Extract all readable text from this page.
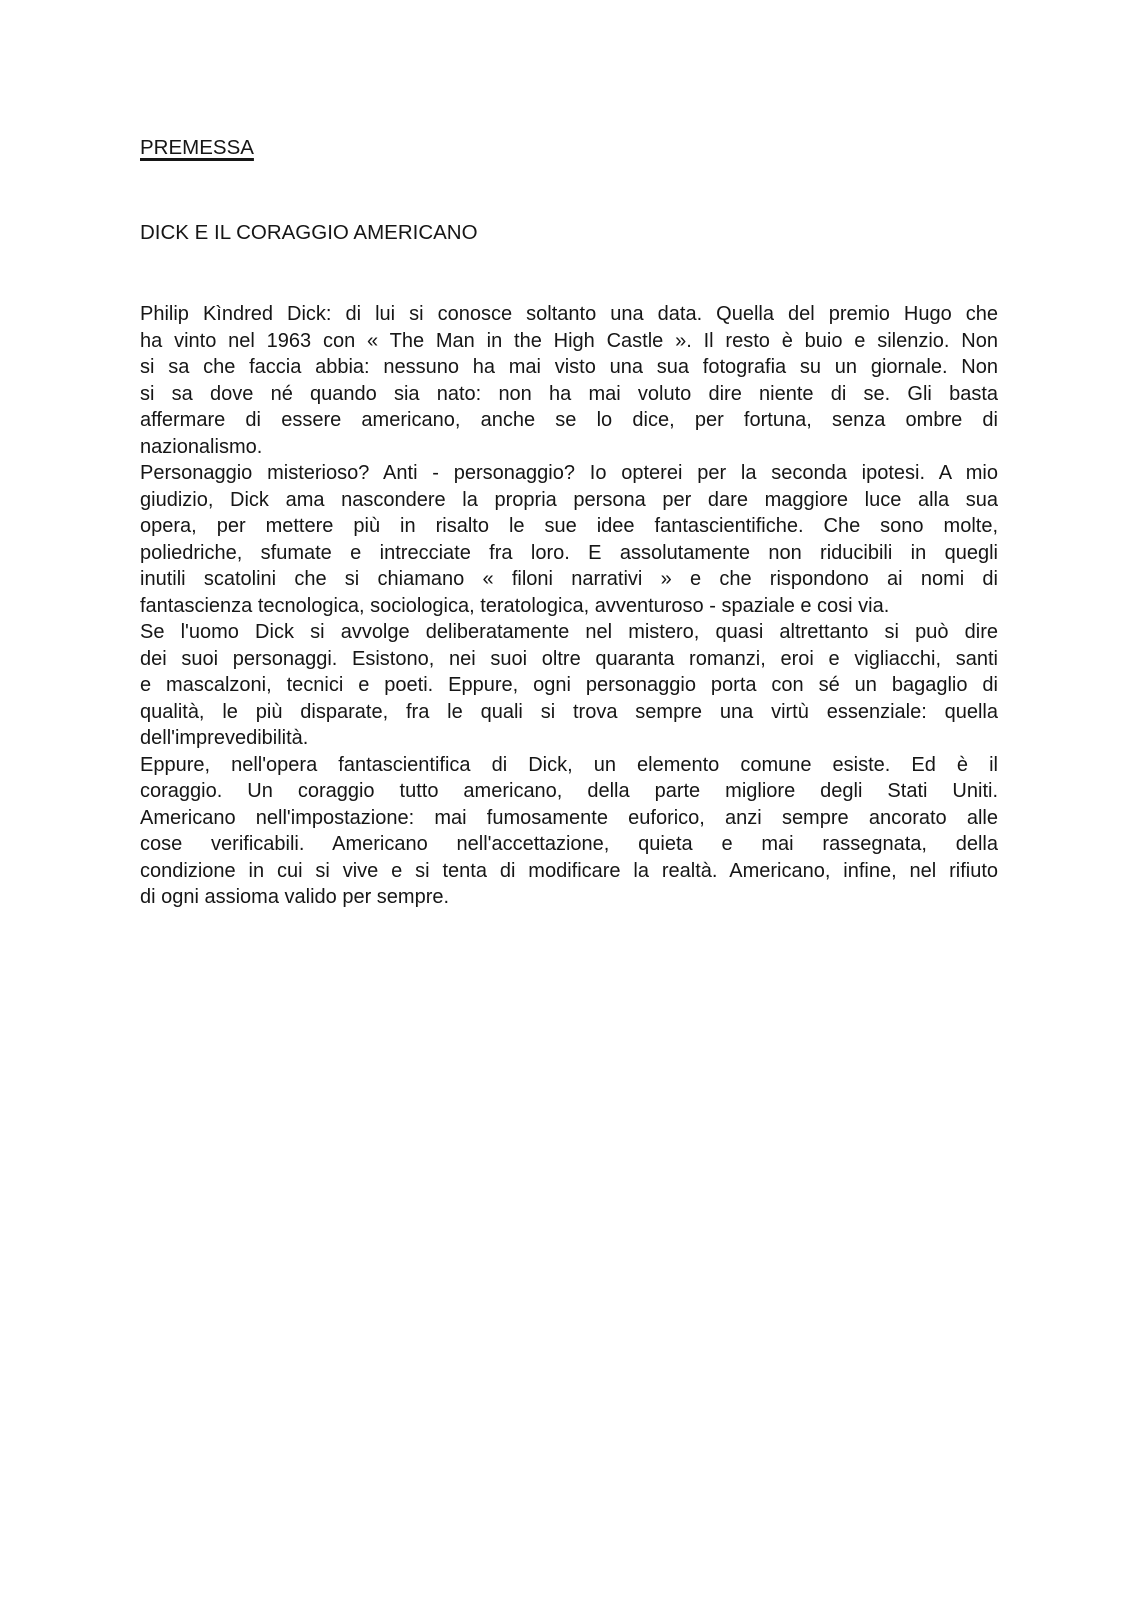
PREMESSA
DICK E IL CORAGGIO AMERICANO
Philip Kìndred Dick: di lui si conosce soltanto una data. Quella del premio Hugo che
ha vinto nel 1963 con « The Man in the High Castle ». Il resto è buio e silenzio. Non
si sa che faccia abbia: nessuno ha mai visto una sua fotografia su un giornale. Non
si sa dove né quando sia nato: non ha mai voluto dire niente di se. Gli basta
affermare di essere americano, anche se lo dice, per fortuna, senza ombre di
nazionalismo.
Personaggio misterioso? Anti - personaggio? Io opterei per la seconda ipotesi. A mio
giudizio, Dick ama nascondere la propria persona per dare maggiore luce alla sua
opera, per mettere più in risalto le sue idee fantascientifiche. Che sono molte,
poliedriche, sfumate e intrecciate fra loro. E assolutamente non riducibili in quegli
inutili scatolini che si chiamano « filoni narrativi » e che rispondono ai nomi di
fantascienza tecnologica, sociologica, teratologica, avventuroso - spaziale e cosi via.
Se l'uomo Dick si avvolge deliberatamente nel mistero, quasi altrettanto si può dire
dei suoi personaggi. Esistono, nei suoi oltre quaranta romanzi, eroi e vigliacchi, santi
e mascalzoni, tecnici e poeti. Eppure, ogni personaggio porta con sé un bagaglio di
qualità, le più disparate, fra le quali si trova sempre una virtù essenziale: quella
dell'imprevedibilità.
Eppure, nell'opera fantascientifica di Dick, un elemento comune esiste. Ed è il
coraggio. Un coraggio tutto americano, della parte migliore degli Stati Uniti.
Americano nell'impostazione: mai fumosamente euforico, anzi sempre ancorato alle
cose verificabili. Americano nell'accettazione, quieta e mai rassegnata, della
condizione in cui si vive e si tenta di modificare la realtà. Americano, infine, nel rifiuto
di ogni assioma valido per sempre.
